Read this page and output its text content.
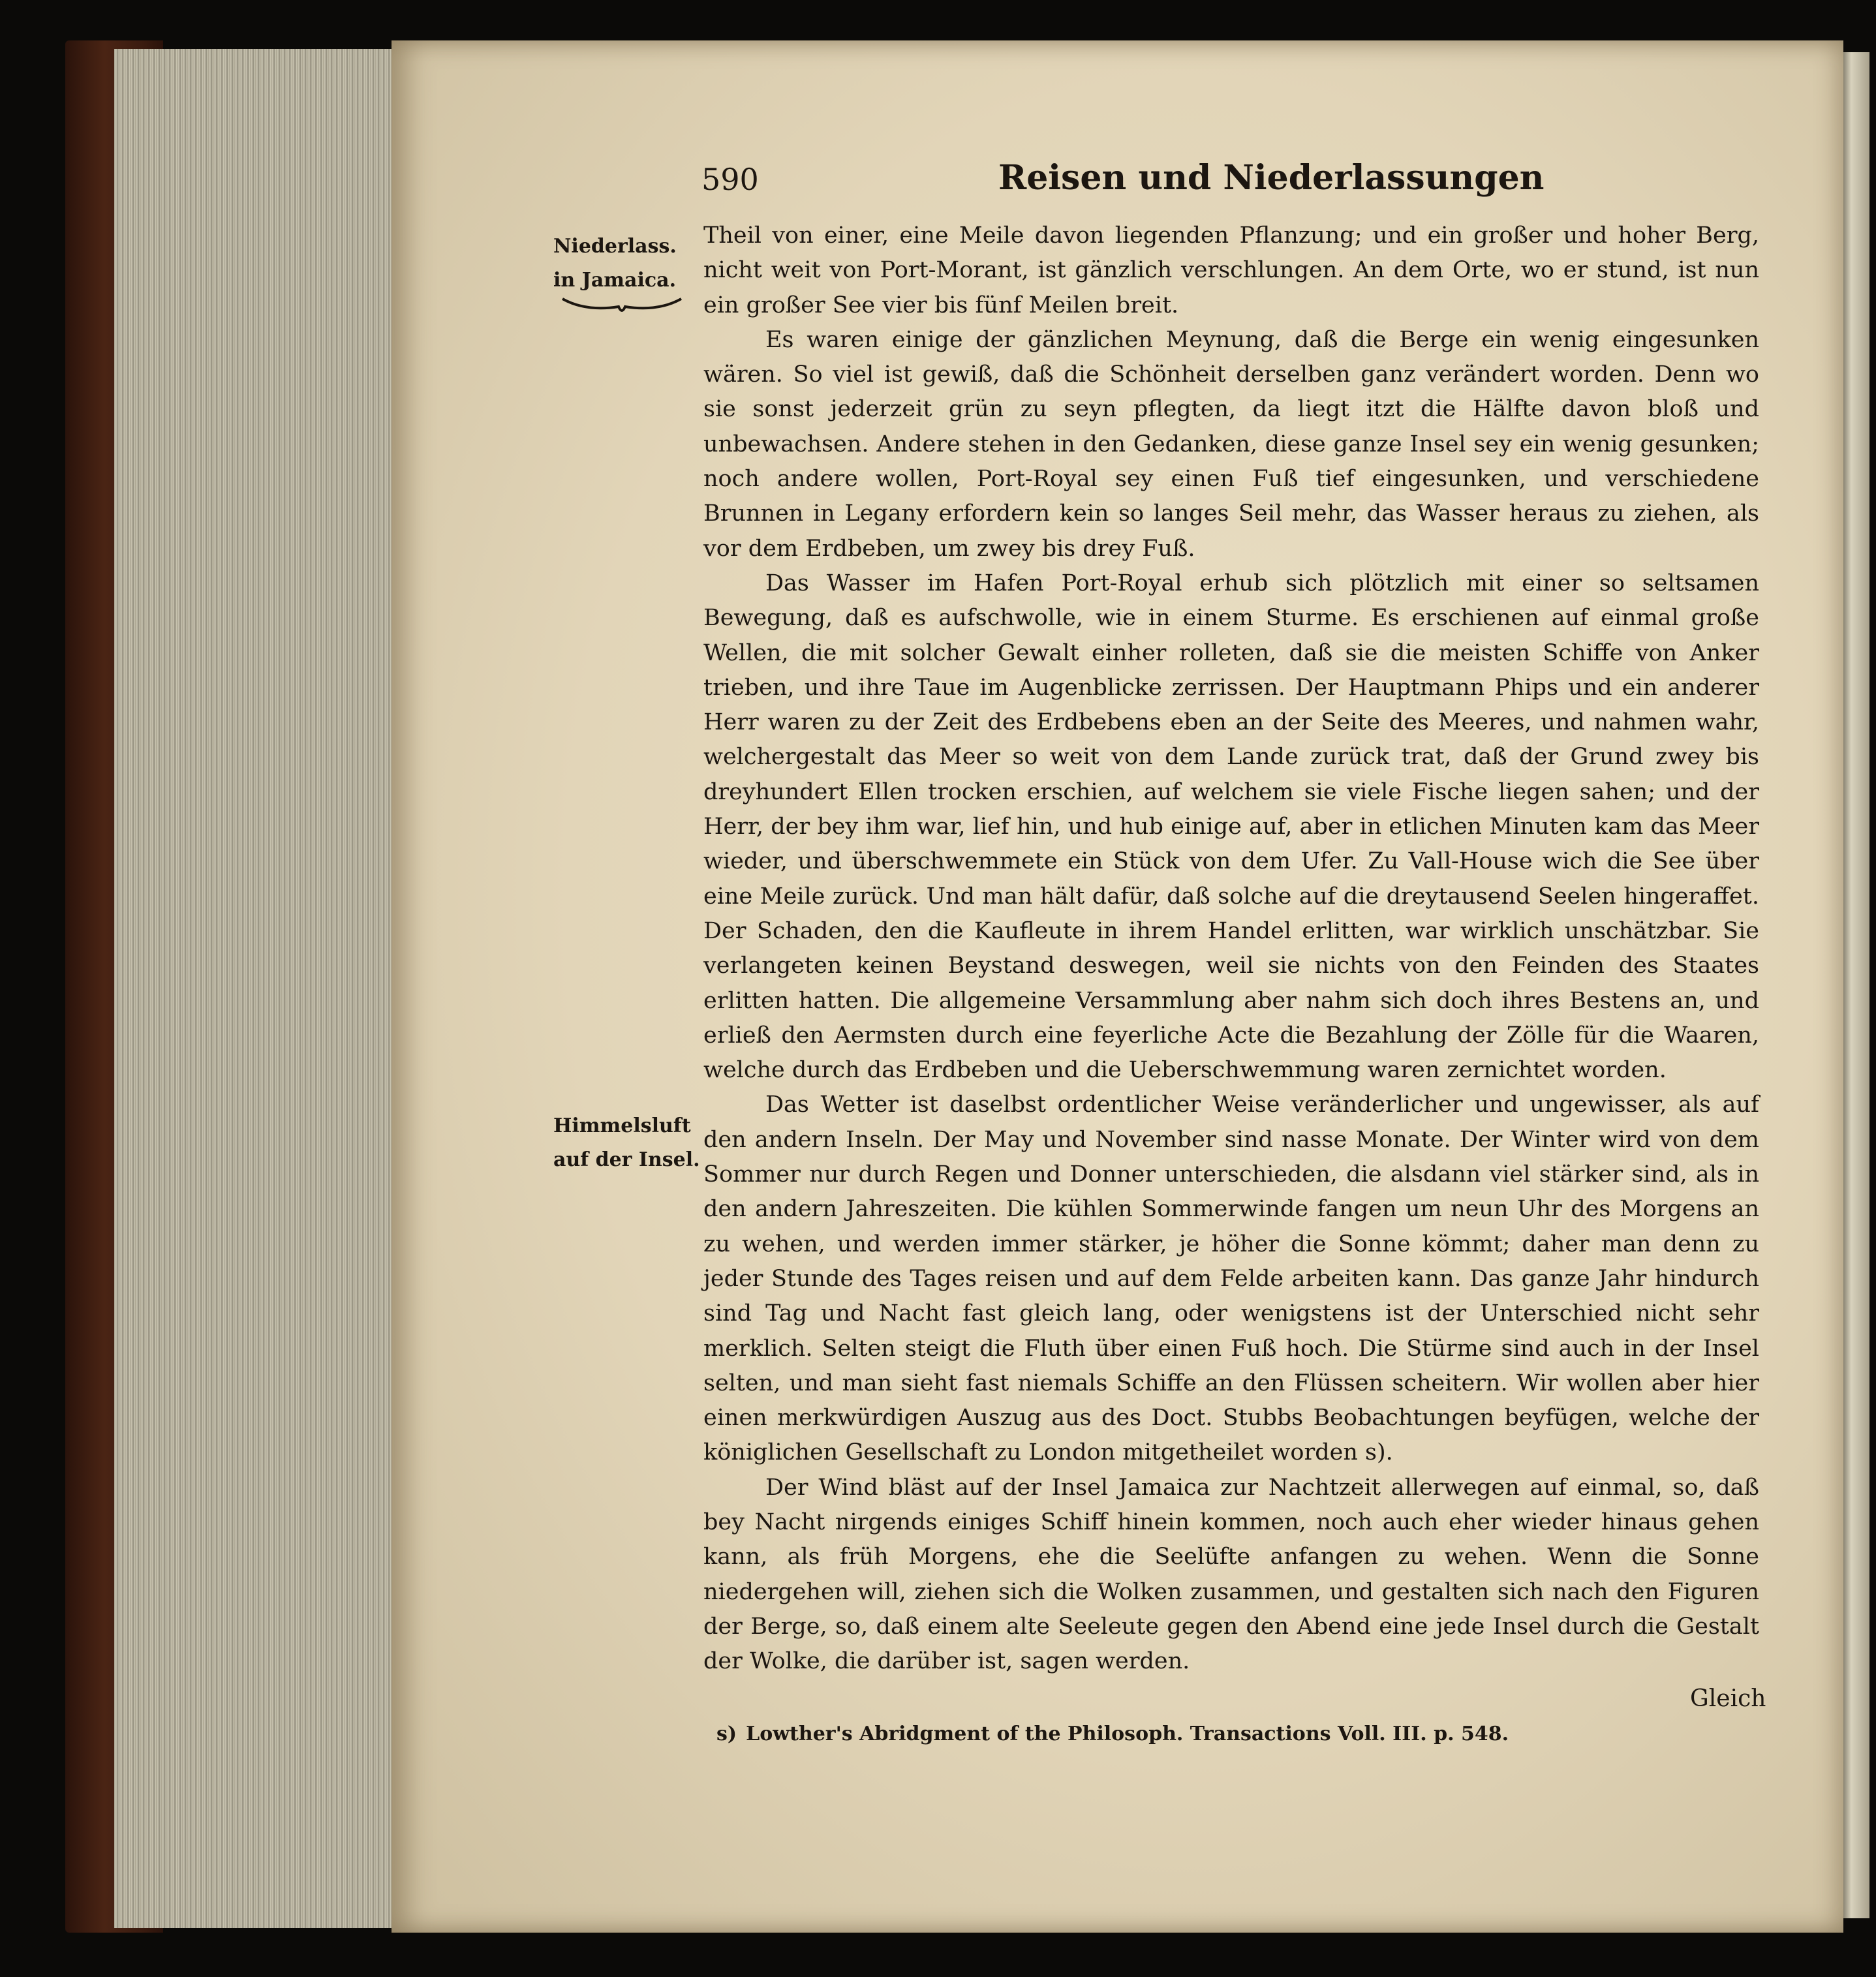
590	Reisen und Niederlassungen
Niederlass.
in Jamaica.
Himmelsluft
auf der Insel.

Theil von einer, eine Meile davon liegenden Pflanzung; und ein großer und hoher Berg, nicht weit von Port-Morant, ist gänzlich verschlungen. An dem Orte, wo er stund, ist nun ein großer See vier bis fünf Meilen breit.

Es waren einige der gänzlichen Meynung, daß die Berge ein wenig eingesunken wären. So viel ist gewiß, daß die Schönheit derselben ganz verändert worden. Denn wo sie sonst jederzeit grün zu seyn pflegten, da liegt itzt die Hälfte davon bloß und unbewachsen. Andere stehen in den Gedanken, diese ganze Insel sey ein wenig gesunken; noch andere wollen, Port-Royal sey einen Fuß tief eingesunken, und verschiedene Brunnen in Legany erfordern kein so langes Seil mehr, das Wasser heraus zu ziehen, als vor dem Erdbeben, um zwey bis drey Fuß.

Das Wasser im Hafen Port-Royal erhub sich plötzlich mit einer so seltsamen Bewegung, daß es aufschwolle, wie in einem Sturme. Es erschienen auf einmal große Wellen, die mit solcher Gewalt einher rolleten, daß sie die meisten Schiffe von Anker trieben, und ihre Taue im Augenblicke zerrissen. Der Hauptmann Phips und ein anderer Herr waren zu der Zeit des Erdbebens eben an der Seite des Meeres, und nahmen wahr, welchergestalt das Meer so weit von dem Lande zurück trat, daß der Grund zwey bis dreyhundert Ellen trocken erschien, auf welchem sie viele Fische liegen sahen; und der Herr, der bey ihm war, lief hin, und hub einige auf, aber in etlichen Minuten kam das Meer wieder, und überschwemmete ein Stück von dem Ufer. Zu Vall-House wich die See über eine Meile zurück. Und man hält dafür, daß solche auf die dreytausend Seelen hingeraffet. Der Schaden, den die Kaufleute in ihrem Handel erlitten, war wirklich unschätzbar. Sie verlangeten keinen Beystand deswegen, weil sie nichts von den Feinden des Staates erlitten hatten. Die allgemeine Versammlung aber nahm sich doch ihres Bestens an, und erließ den Aermsten durch eine feyerliche Acte die Bezahlung der Zölle für die Waaren, welche durch das Erdbeben und die Ueberschwemmung waren zernichtet worden.

Das Wetter ist daselbst ordentlicher Weise veränderlicher und ungewisser, als auf den andern Inseln. Der May und November sind nasse Monate. Der Winter wird von dem Sommer nur durch Regen und Donner unterschieden, die alsdann viel stärker sind, als in den andern Jahreszeiten. Die kühlen Sommerwinde fangen um neun Uhr des Morgens an zu wehen, und werden immer stärker, je höher die Sonne kömmt; daher man denn zu jeder Stunde des Tages reisen und auf dem Felde arbeiten kann. Das ganze Jahr hindurch sind Tag und Nacht fast gleich lang, oder wenigstens ist der Unterschied nicht sehr merklich. Selten steigt die Fluth über einen Fuß hoch. Die Stürme sind auch in der Insel selten, und man sieht fast niemals Schiffe an den Flüssen scheitern. Wir wollen aber hier einen merkwürdigen Auszug aus des Doct. Stubbs Beobachtungen beyfügen, welche der königlichen Gesellschaft zu London mitgetheilet worden s).

Der Wind bläst auf der Insel Jamaica zur Nachtzeit allerwegen auf einmal, so, daß bey Nacht nirgends einiges Schiff hinein kommen, noch auch eher wieder hinaus gehen kann, als früh Morgens, ehe die Seelüfte anfangen zu wehen. Wenn die Sonne niedergehen will, ziehen sich die Wolken zusammen, und gestalten sich nach den Figuren der Berge, so, daß einem alte Seeleute gegen den Abend eine jede Insel durch die Gestalt der Wolke, die darüber ist, sagen werden.

Gleich
s) Lowther's Abridgment of the Philosoph. Transactions Voll. III. p. 548.
